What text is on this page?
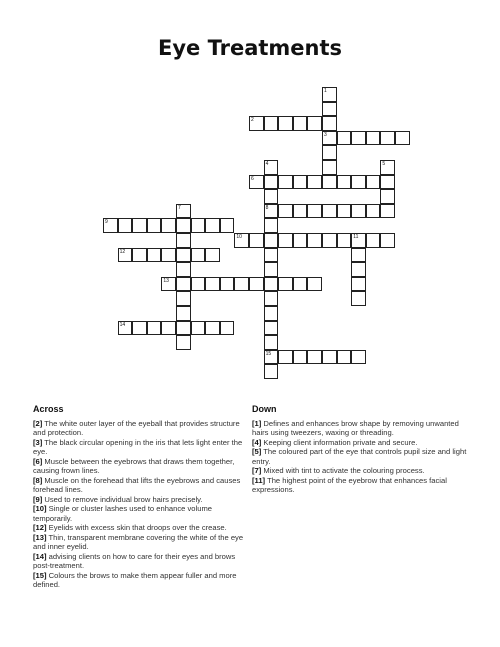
Eye Treatments
1
3
4
8
15
5
7
11
2
6
9
10
12
13
14
Across

[2] The white outer layer of the eyeball that provides structure and protection.

[3] The black circular opening in the iris that lets light enter the eye.

[6] Muscle between the eyebrows that draws them together, causing frown lines.

[8] Muscle on the forehead that lifts the eyebrows and causes forehead lines.

[9] Used to remove individual brow hairs precisely.

[10] Single or cluster lashes used to enhance volume temporarily.

[12] Eyelids with excess skin that droops over the crease.

[13] Thin, transparent membrane covering the white of the eye and inner eyelid.

[14] advising clients on how to care for their eyes and brows post-treatment.

[15] Colours the brows to make them appear fuller and more defined.

Down

[1] Defines and enhances brow shape by removing unwanted hairs using tweezers, waxing or threading.

[4] Keeping client information private and secure.

[5] The coloured part of the eye that controls pupil size and light entry.

[7] Mixed with tint to activate the colouring process.

[11] The highest point of the eyebrow that enhances facial expressions.
